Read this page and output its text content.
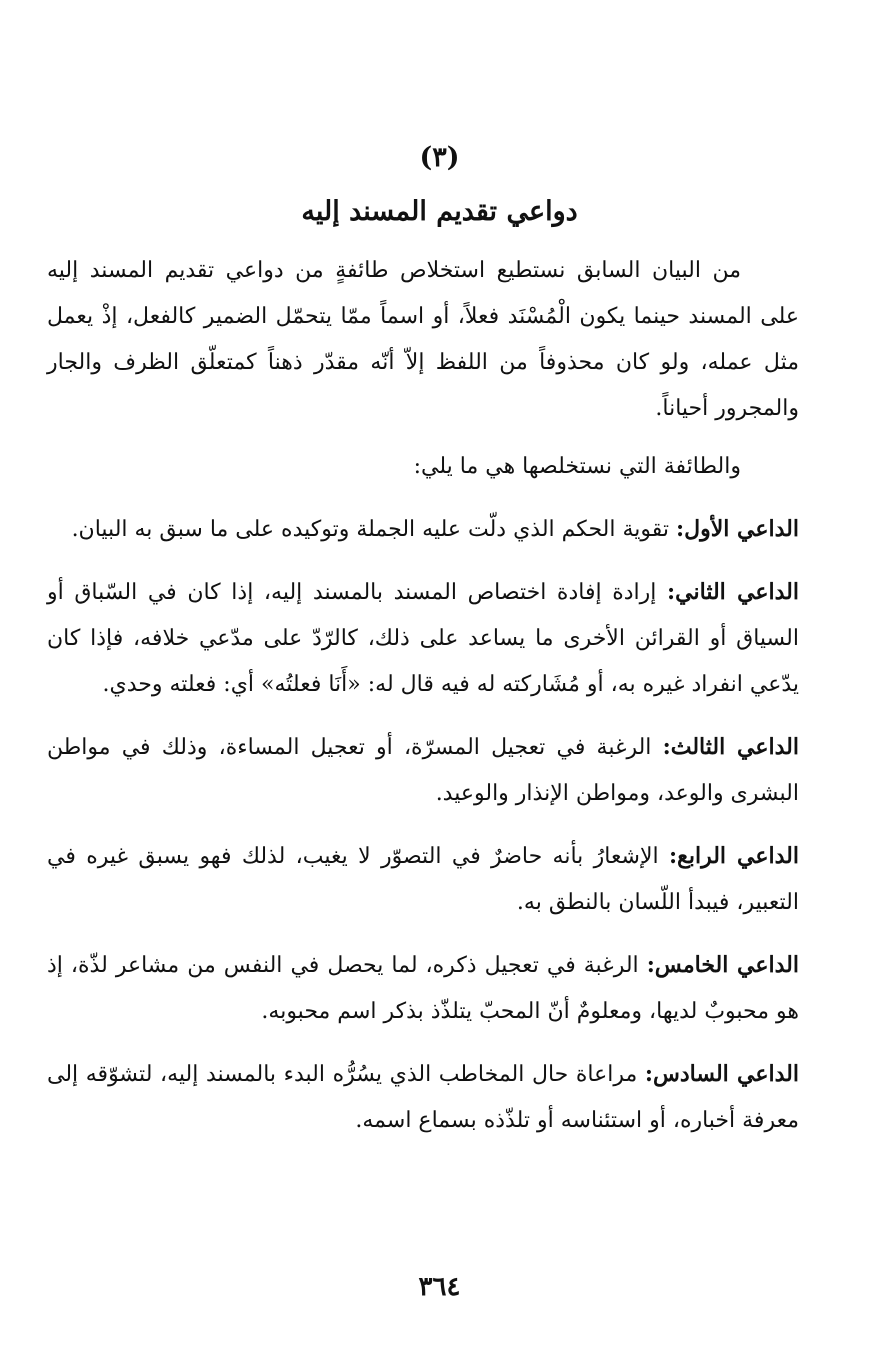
(٣)
دواعي تقديم المسند إليه

من البيان السابق نستطيع استخلاص طائفةٍ من دواعي تقديم المسند إليه على المسند حينما يكون الْمُسْنَد فعلاً، أو اسماً ممّا يتحمّل الضمير كالفعل، إذْ يعمل مثل عمله، ولو كان محذوفاً من اللفظ إلاّ أنّه مقدّر ذهناً كمتعلّق الظرف والجار والمجرور أحياناً.

والطائفة التي نستخلصها هي ما يلي:

الداعي الأول: تقوية الحكم الذي دلّت عليه الجملة وتوكيده على ما سبق به البيان.

الداعي الثاني: إرادة إفادة اختصاص المسند بالمسند إليه، إذا كان في السّباق أو السياق أو القرائن الأخرى ما يساعد على ذلك، كالرّدّ على مدّعي خلافه، فإذا كان يدّعي انفراد غيره به، أو مُشَاركته له فيه قال له: «أَنَا فعلتُه» أي: فعلته وحدي.

الداعي الثالث: الرغبة في تعجيل المسرّة، أو تعجيل المساءة، وذلك في مواطن البشرى والوعد، ومواطن الإنذار والوعيد.

الداعي الرابع: الإشعارُ بأنه حاضرٌ في التصوّر لا يغيب، لذلك فهو يسبق غيره في التعبير، فيبدأ اللّسان بالنطق به.

الداعي الخامس: الرغبة في تعجيل ذكره، لما يحصل في النفس من مشاعر لذّة، إذ هو محبوبٌ لديها، ومعلومٌ أنّ المحبّ يتلذّذ بذكر اسم محبوبه.

الداعي السادس: مراعاة حال المخاطب الذي يسُرُّه البدء بالمسند إليه، لتشوّقه إلى معرفة أخباره، أو استئناسه أو تلذّذه بسماع اسمه.

٣٦٤
